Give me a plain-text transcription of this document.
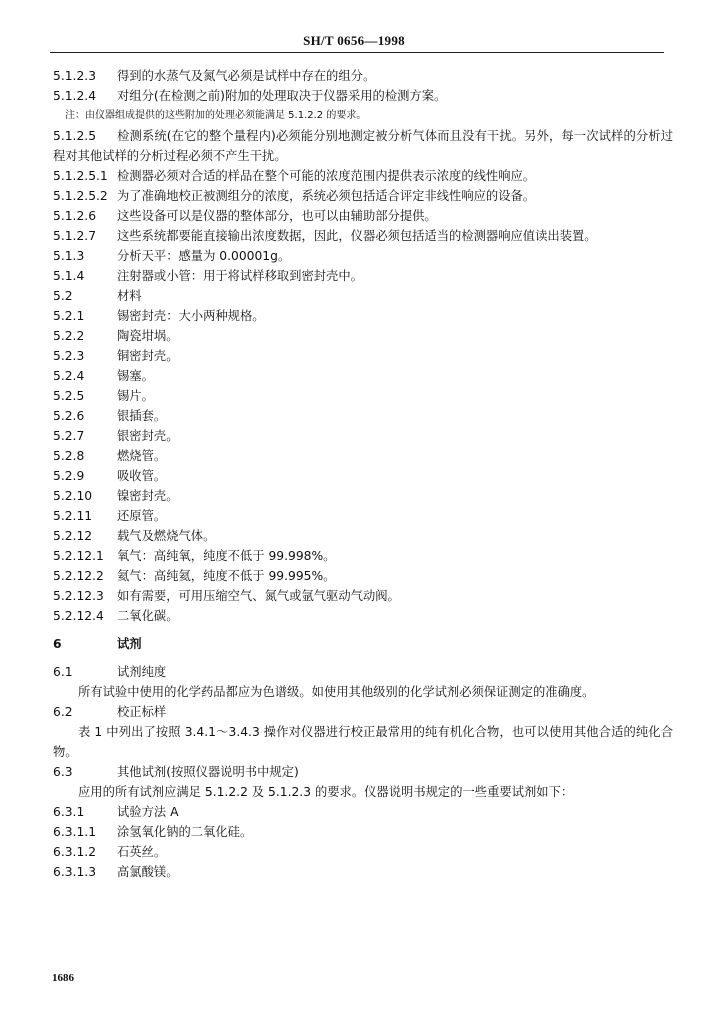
SH/T 0656—1998
5.1.2.3 得到的水蒸气及氮气必须是试样中存在的组分。
5.1.2.4 对组分(在检测之前)附加的处理取决于仪器采用的检测方案。
注：由仪器组成提供的这些附加的处理必须能满足 5.1.2.2 的要求。
5.1.2.5 检测系统(在它的整个量程内)必须能分别地测定被分析气体而且没有干扰。另外，每一次试样的分析过程对其他试样的分析过程必须不产生干扰。
5.1.2.5.1 检测器必须对合适的样品在整个可能的浓度范围内提供表示浓度的线性响应。
5.1.2.5.2 为了准确地校正被测组分的浓度，系统必须包括适合评定非线性响应的设备。
5.1.2.6 这些设备可以是仪器的整体部分，也可以由辅助部分提供。
5.1.2.7 这些系统都要能直接输出浓度数据，因此，仪器必须包括适当的检测器响应值读出装置。
5.1.3	分析天平：感量为 0.00001g。
5.1.4	注射器或小管：用于将试样移取到密封壳中。
5.2	材料
5.2.1	锡密封壳：大小两种规格。
5.2.2	陶瓷坩埚。
5.2.3	铜密封壳。
5.2.4	锡塞。
5.2.5	锡片。
5.2.6	银插套。
5.2.7	银密封壳。
5.2.8	燃烧管。
5.2.9	吸收管。
5.2.10 镍密封壳。
5.2.11 还原管。
5.2.12 载气及燃烧气体。
5.2.12.1 氧气：高纯氧，纯度不低于 99.998%。
5.2.12.2 氦气：高纯氦，纯度不低于 99.995%。
5.2.12.3 如有需要，可用压缩空气、氮气或氩气驱动气动阀。
5.2.12.4 二氧化碳。
6	试剂
6.1	试剂纯度
所有试验中使用的化学药品都应为色谱级。如使用其他级别的化学试剂必须保证测定的准确度。
6.2	校正标样
表 1 中列出了按照 3.4.1～3.4.3 操作对仪器进行校正最常用的纯有机化合物，也可以使用其他合适的纯化合物。
6.3	其他试剂(按照仪器说明书中规定)
应用的所有试剂应满足 5.1.2.2 及 5.1.2.3 的要求。仪器说明书规定的一些重要试剂如下：
6.3.1	试验方法 A
6.3.1.1 涂氢氧化钠的二氧化硅。
6.3.1.2 石英丝。
6.3.1.3 高氯酸镁。
1686
